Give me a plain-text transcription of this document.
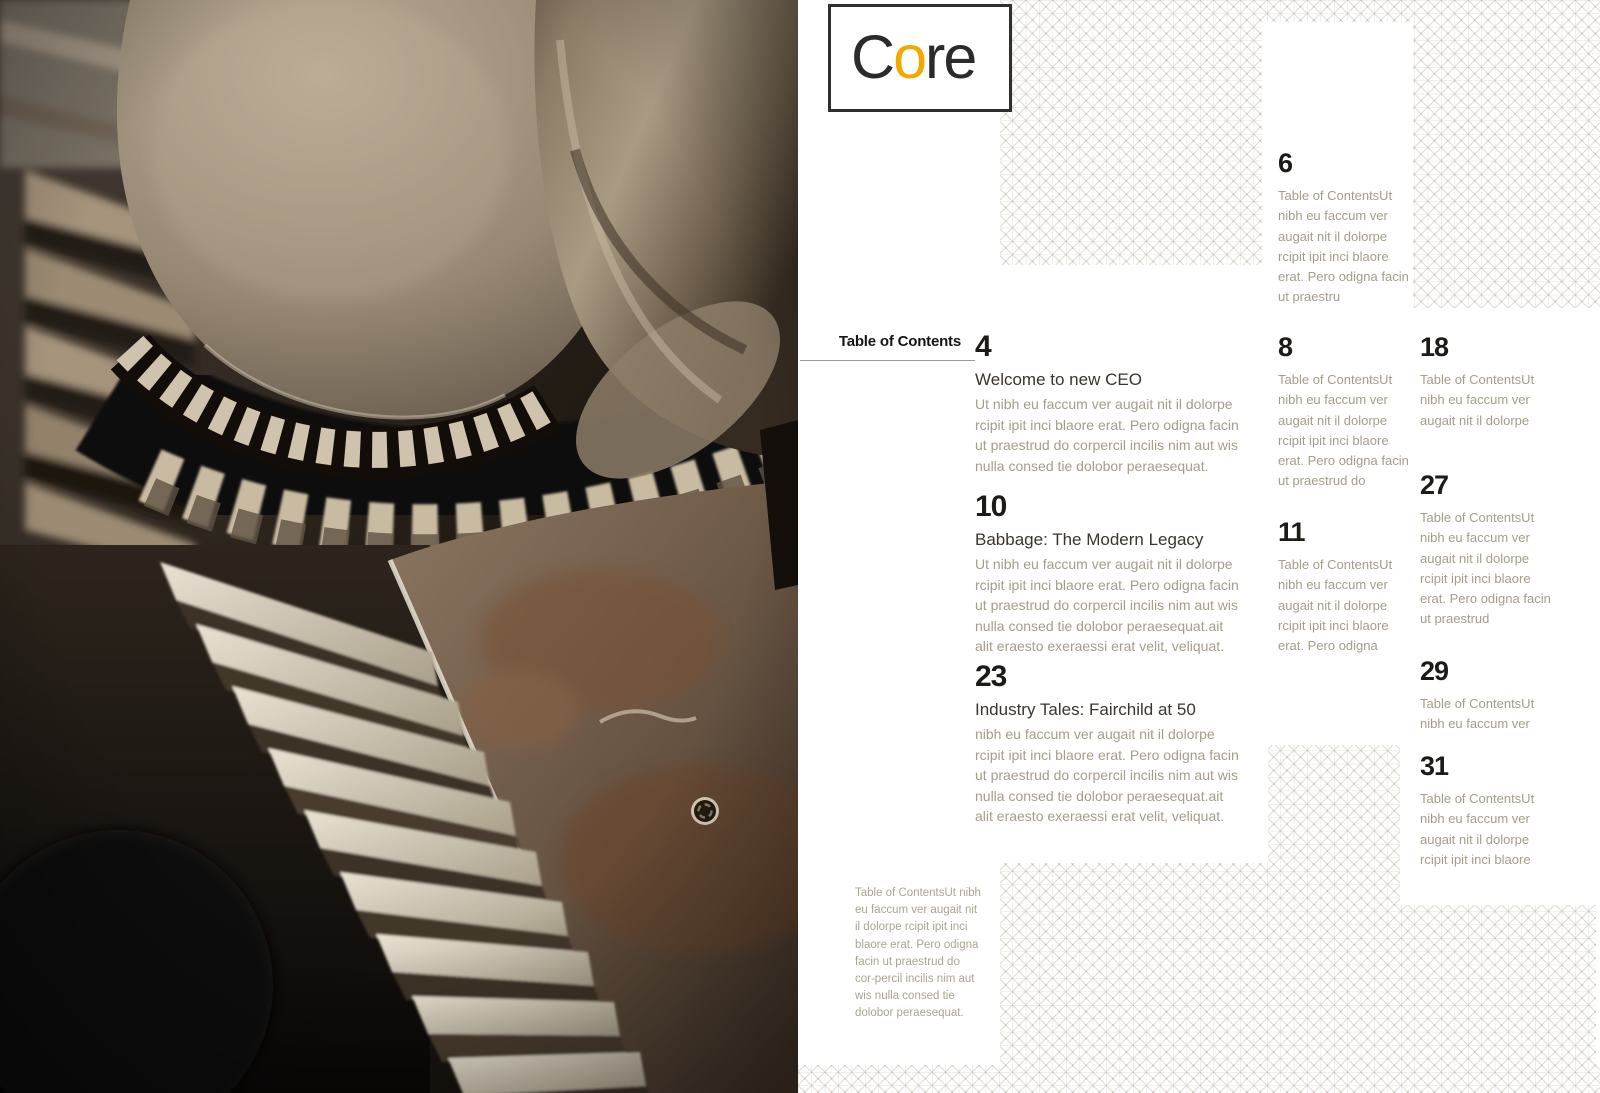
Core
Table of Contents 4
Welcome to new CEO
Ut nibh eu faccum ver augait nit il dolorpe rcipit ipit inci blaore erat. Pero odigna facin ut praestrud do corpercil incilis nim aut wis nulla consed tie dolobor peraesequat.
10
Babbage: The Modern Legacy
Ut nibh eu faccum ver augait nit il dolorpe rcipit ipit inci blaore erat. Pero odigna facin ut praestrud do corpercil incilis nim aut wis nulla consed tie dolobor peraesequat.ait alit eraesto exeraessi erat velit, veliquat.
23
Industry Tales: Fairchild at 50
nibh eu faccum ver augait nit il dolorpe rcipit ipit inci blaore erat. Pero odigna facin ut praestrud do corpercil incilis nim aut wis nulla consed tie dolobor peraesequat.ait alit eraesto exeraessi erat velit, veliquat.
6
Table of ContentsUt nibh eu faccum ver augait nit il dolorpe rcipit ipit inci blaore erat. Pero odigna facin ut praestru
8
Table of ContentsUt nibh eu faccum ver augait nit il dolorpe rcipit ipit inci blaore erat. Pero odigna facin ut praestrud do
11
Table of ContentsUt nibh eu faccum ver augait nit il dolorpe rcipit ipit inci blaore erat. Pero odigna
18
Table of ContentsUt nibh eu faccum ver augait nit il dolorpe
27
Table of ContentsUt nibh eu faccum ver augait nit il dolorpe rcipit ipit inci blaore erat. Pero odigna facin ut praestrud
29
Table of ContentsUt nibh eu faccum ver
31
Table of ContentsUt nibh eu faccum ver augait nit il dolorpe rcipit ipit inci blaore
Table of ContentsUt nibh eu faccum ver augait nit il dolorpe rcipit ipit inci blaore erat. Pero odigna facin ut praestrud do cor-percil incilis nim aut wis nulla consed tie dolobor peraesequat.
